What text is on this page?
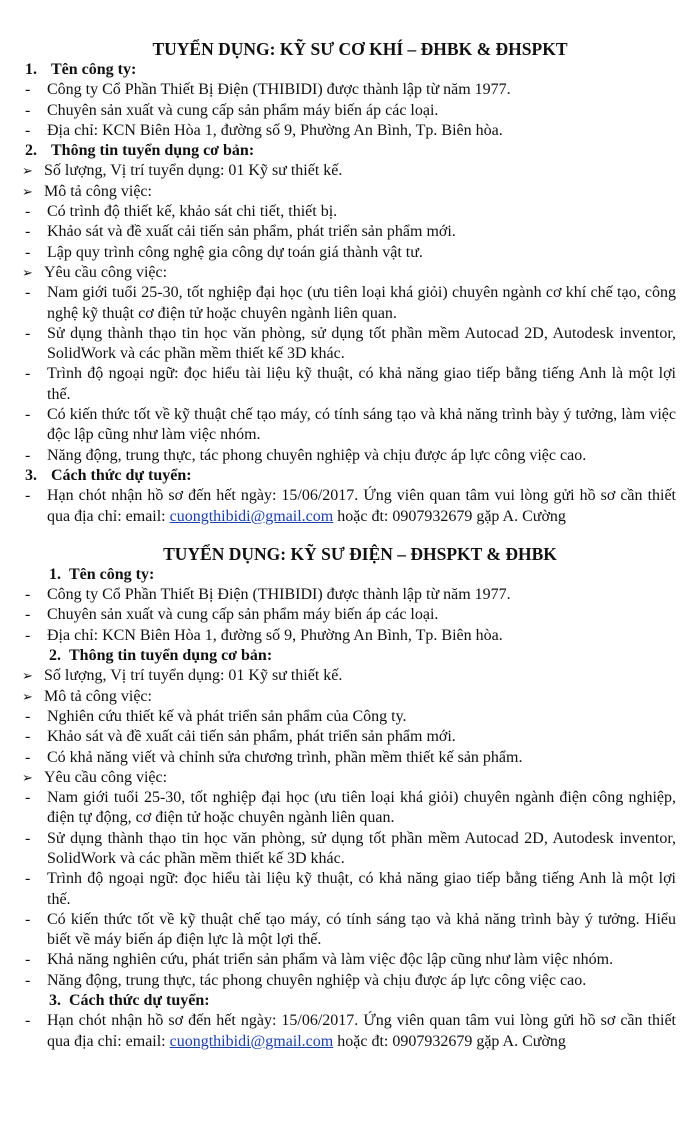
TUYỂN DỤNG: KỸ SƯ CƠ KHÍ – ĐHBK & ĐHSPKT
1. Tên công ty:
- Công ty Cổ Phần Thiết Bị Điện (THIBIDI) được thành lập từ năm 1977.
- Chuyên sản xuất và cung cấp sản phẩm máy biến áp các loại.
- Địa chỉ: KCN Biên Hòa 1, đường số 9, Phường An Bình, Tp. Biên hòa.
2. Thông tin tuyển dụng cơ bản:
➢ Số lượng, Vị trí tuyển dụng: 01 Kỹ sư thiết kế.
➢ Mô tả công việc:
- Có trình độ thiết kế, khảo sát chi tiết, thiết bị.
- Khảo sát và đề xuất cải tiến sản phẩm, phát triển sản phẩm mới.
- Lập quy trình công nghệ gia công dự toán giá thành vật tư.
➢ Yêu cầu công việc:
- Nam giới tuổi 25-30, tốt nghiệp đại học (ưu tiên loại khá giỏi) chuyên ngành cơ khí chế tạo, công nghệ kỹ thuật cơ điện tử hoặc chuyên ngành liên quan.
- Sử dụng thành thạo tin học văn phòng, sử dụng tốt phần mềm Autocad 2D, Autodesk inventor, SolidWork và các phần mềm thiết kế 3D khác.
- Trình độ ngoại ngữ: đọc hiểu tài liệu kỹ thuật, có khả năng giao tiếp bằng tiếng Anh là một lợi thế.
- Có kiến thức tốt về kỹ thuật chế tạo máy, có tính sáng tạo và khả năng trình bày ý tưởng, làm việc độc lập cũng như làm việc nhóm.
- Năng động, trung thực, tác phong chuyên nghiệp và chịu được áp lực công việc cao.
3. Cách thức dự tuyển:
- Hạn chót nhận hồ sơ đến hết ngày: 15/06/2017. Ứng viên quan tâm vui lòng gửi hồ sơ cần thiết qua địa chỉ: email: cuongthibidi@gmail.com hoặc đt: 0907932679 gặp A. Cường
TUYỂN DỤNG: KỸ SƯ ĐIỆN – ĐHSPKT & ĐHBK
1. Tên công ty:
- Công ty Cổ Phần Thiết Bị Điện (THIBIDI) được thành lập từ năm 1977.
- Chuyên sản xuất và cung cấp sản phẩm máy biến áp các loại.
- Địa chỉ: KCN Biên Hòa 1, đường số 9, Phường An Bình, Tp. Biên hòa.
2. Thông tin tuyển dụng cơ bản:
➢ Số lượng, Vị trí tuyển dụng: 01 Kỹ sư thiết kế.
➢ Mô tả công việc:
- Nghiên cứu thiết kế và phát triển sản phẩm của Công ty.
- Khảo sát và đề xuất cải tiến sản phẩm, phát triển sản phẩm mới.
- Có khả năng viết và chỉnh sửa chương trình, phần mềm thiết kế sản phẩm.
➢ Yêu cầu công việc:
- Nam giới tuổi 25-30, tốt nghiệp đại học (ưu tiên loại khá giỏi) chuyên ngành điện công nghiệp, điện tự động, cơ điện tử hoặc chuyên ngành liên quan.
- Sử dụng thành thạo tin học văn phòng, sử dụng tốt phần mềm Autocad 2D, Autodesk inventor, SolidWork và các phần mềm thiết kế 3D khác.
- Trình độ ngoại ngữ: đọc hiểu tài liệu kỹ thuật, có khả năng giao tiếp bằng tiếng Anh là một lợi thế.
- Có kiến thức tốt về kỹ thuật chế tạo máy, có tính sáng tạo và khả năng trình bày ý tưởng. Hiểu biết về máy biến áp điện lực là một lợi thế.
- Khả năng nghiên cứu, phát triển sản phẩm và làm việc độc lập cũng như làm việc nhóm.
- Năng động, trung thực, tác phong chuyên nghiệp và chịu được áp lực công việc cao.
3. Cách thức dự tuyển:
- Hạn chót nhận hồ sơ đến hết ngày: 15/06/2017. Ứng viên quan tâm vui lòng gửi hồ sơ cần thiết qua địa chỉ: email: cuongthibidi@gmail.com hoặc đt: 0907932679 gặp A. Cường
